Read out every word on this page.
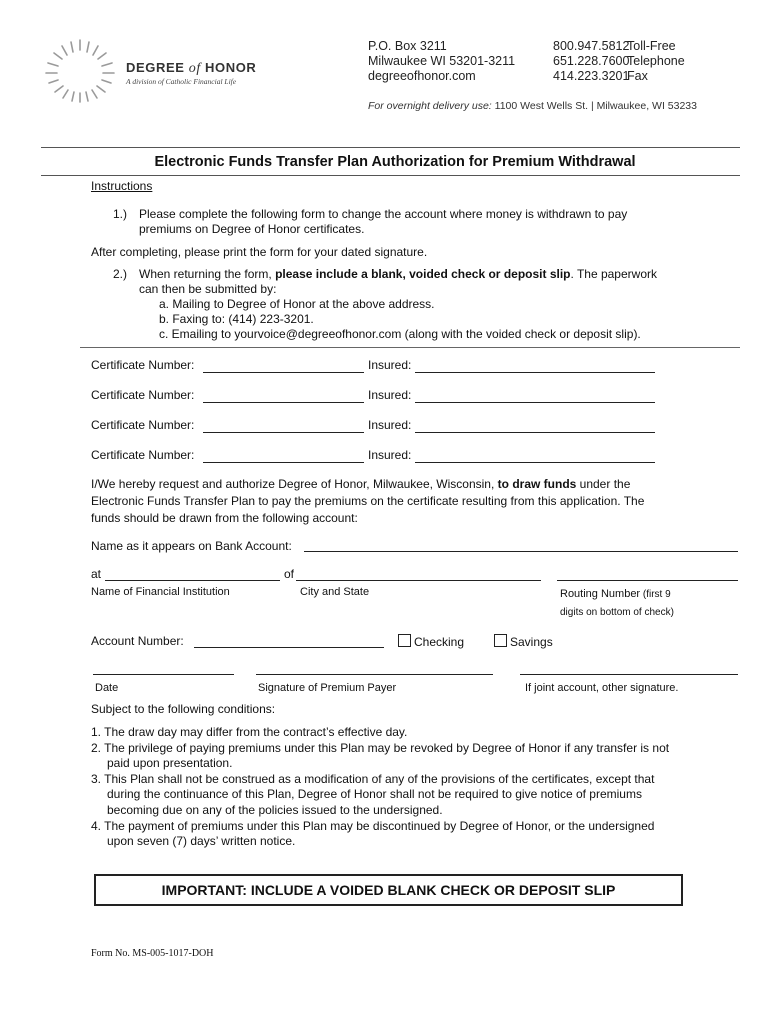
DEGREE of HONOR
A division of Catholic Financial Life
P.O. Box 3211
Milwaukee WI 53201-3211
degreeofhonor.com
800.947.5812Toll-Free
651.228.7600Telephone
414.223.3201Fax
For overnight delivery use: 1100 West Wells St. | Milwaukee, WI 53233
Electronic Funds Transfer Plan Authorization for Premium Withdrawal
Instructions
1.) Please complete the following form to change the account where money is withdrawn to pay
premiums on Degree of Honor certificates.
After completing, please print the form for your dated signature.
2.) When returning the form, please include a blank, voided check or deposit slip. The paperwork
can then be submitted by:
a. Mailing to Degree of Honor at the above address.
b. Faxing to: (414) 223-3201.
c. Emailing to yourvoice@degreeofhonor.com (along with the voided check or deposit slip).
Certificate Number:	Insured:
Certificate Number:	Insured:
Certificate Number:	Insured:
Certificate Number:	Insured:
I/We hereby request and authorize Degree of Honor, Milwaukee, Wisconsin, to draw funds under the
Electronic Funds Transfer Plan to pay the premiums on the certificate resulting from this application. The
funds should be drawn from the following account:
Name as it appears on Bank Account:
at	of
Name of Financial Institution	City and State	Routing Number (first 9
digits on bottom of check)
Account Number:	Checking	Savings
Date	Signature of Premium Payer	If joint account, other signature.
Subject to the following conditions:
1. The draw day may differ from the contract’s effective day.
2. The privilege of paying premiums under this Plan may be revoked by Degree of Honor if any transfer is not
paid upon presentation.
3. This Plan shall not be construed as a modification of any of the provisions of the certificates, except that
during the continuance of this Plan, Degree of Honor shall not be required to give notice of premiums
becoming due on any of the policies issued to the undersigned.
4. The payment of premiums under this Plan may be discontinued by Degree of Honor, or the undersigned
upon seven (7) days’ written notice.
IMPORTANT: INCLUDE A VOIDED BLANK CHECK OR DEPOSIT SLIP
Form No. MS-005-1017-DOH
